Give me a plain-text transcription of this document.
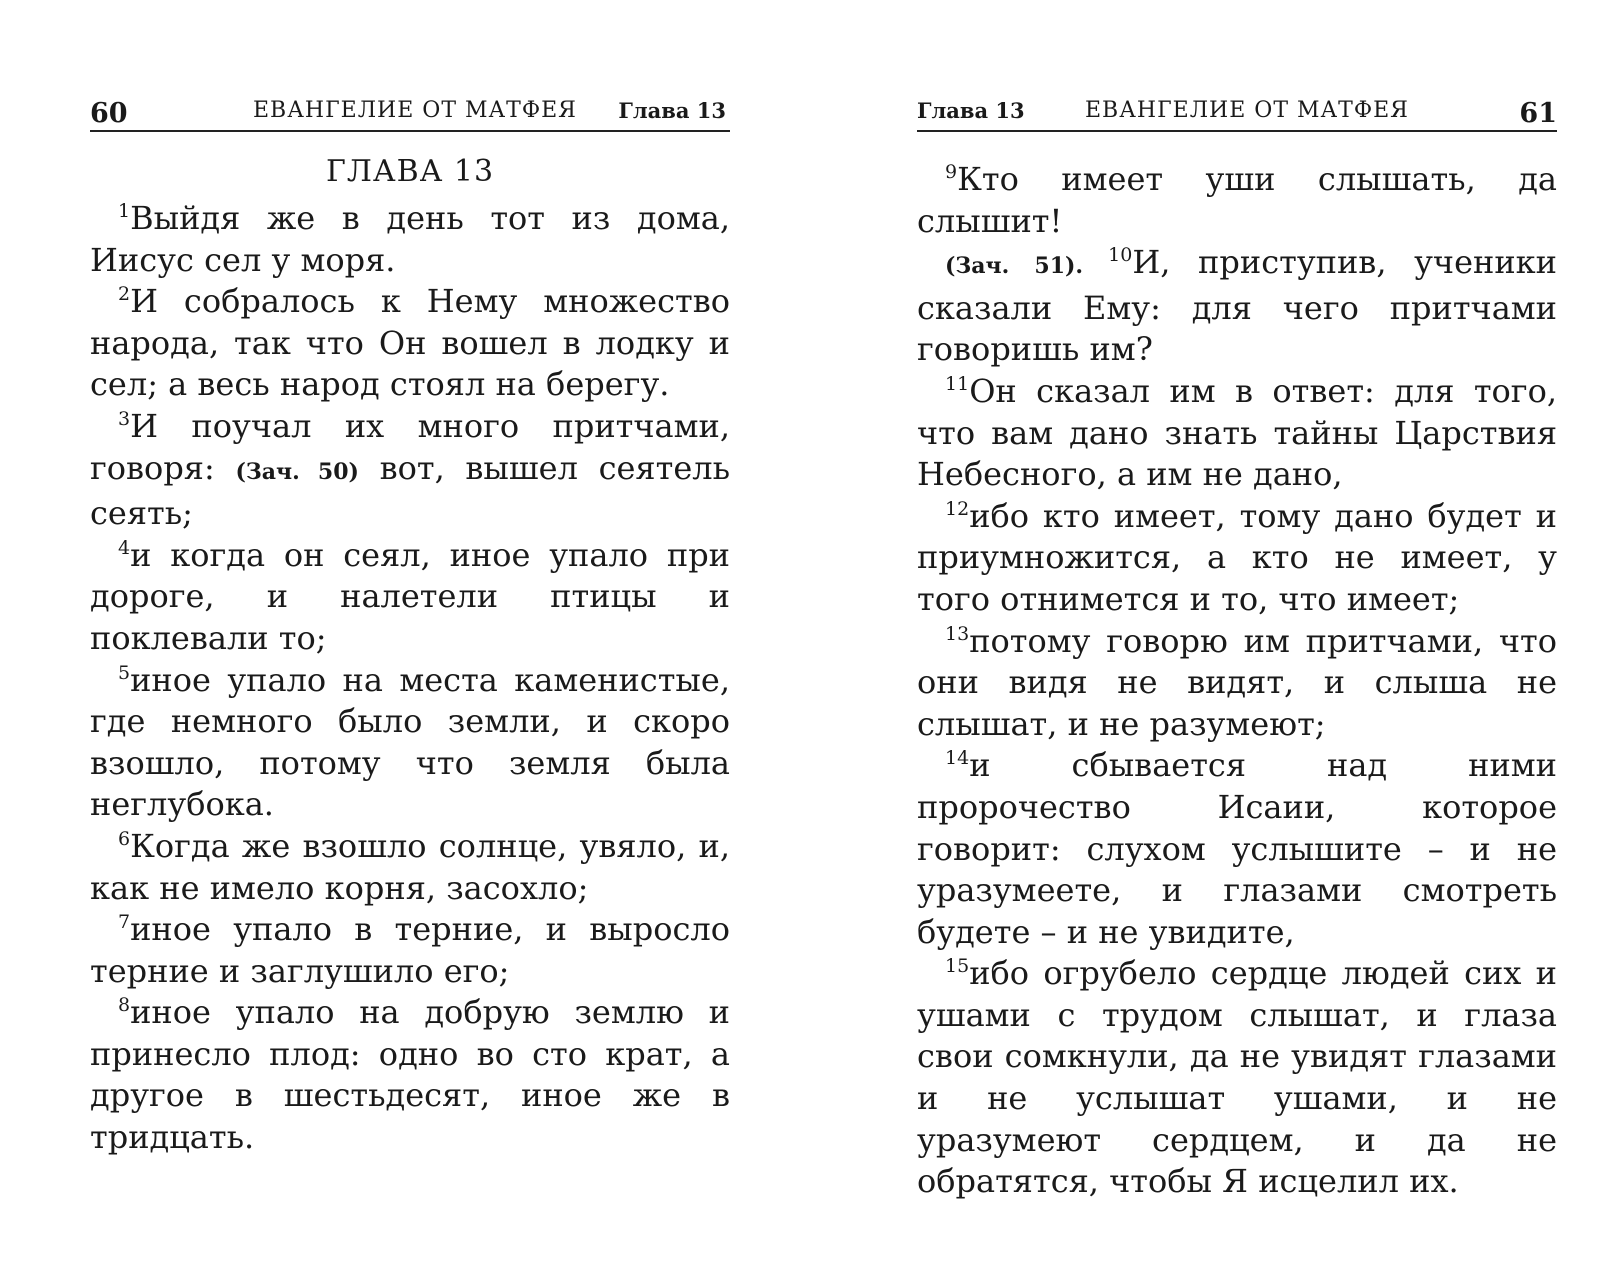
60	ЕВАНГЕЛИЕ ОТ МАТФЕЯ Глава 13
ГЛАВА 13

$^1$Выйдя же в день тот из дома, Иисус сел у моря.

$^2$И собралось к Нему множество народа, так что Он вошел в лодку и сел; а весь народ стоял на берегу.

$^3$И поучал их много притчами, говоря: (Зач. 50) вот, вышел сеятель сеять;

$^4$и когда он сеял, иное упало при дороге, и налетели птицы и поклевали то;

$^5$иное упало на места каменистые, где немного было земли, и скоро взошло, потому что земля была неглубока.

$^6$Когда же взошло солнце, увяло, и, как не имело корня, засохло;

$^7$иное упало в терние, и выросло терние и заглушило его;

$^8$иное упало на добрую землю и принесло плод: одно во сто крат, а другое в шестьдесят, иное же в тридцать.

Глава 13	ЕВАНГЕЛИЕ ОТ МАТФЕЯ	61

$^9$Кто имеет уши слышать, да слышит!

(Зач. 51). $^{10}$И, приступив, ученики сказали Ему: для чего притчами говоришь им?

$^{11}$Он сказал им в ответ: для того, что вам дано знать тайны Царствия Небесного, а им не дано,

$^{12}$ибо кто имеет, тому дано будет и приумножится, а кто не имеет, у того отнимется и то, что имеет;

$^{13}$потому говорю им притчами, что они видя не видят, и слыша не слышат, и не разумеют;

$^{14}$и сбывается над ними пророчество Исаии, которое говорит: слухом услышите – и не уразумеете, и глазами смотреть будете – и не увидите,

$^{15}$ибо огрубело сердце людей сих и ушами с трудом слышат, и глаза свои сомкнули, да не увидят глазами и не услышат ушами, и не уразумеют сердцем, и да не обратятся, чтобы Я исцелил их.
